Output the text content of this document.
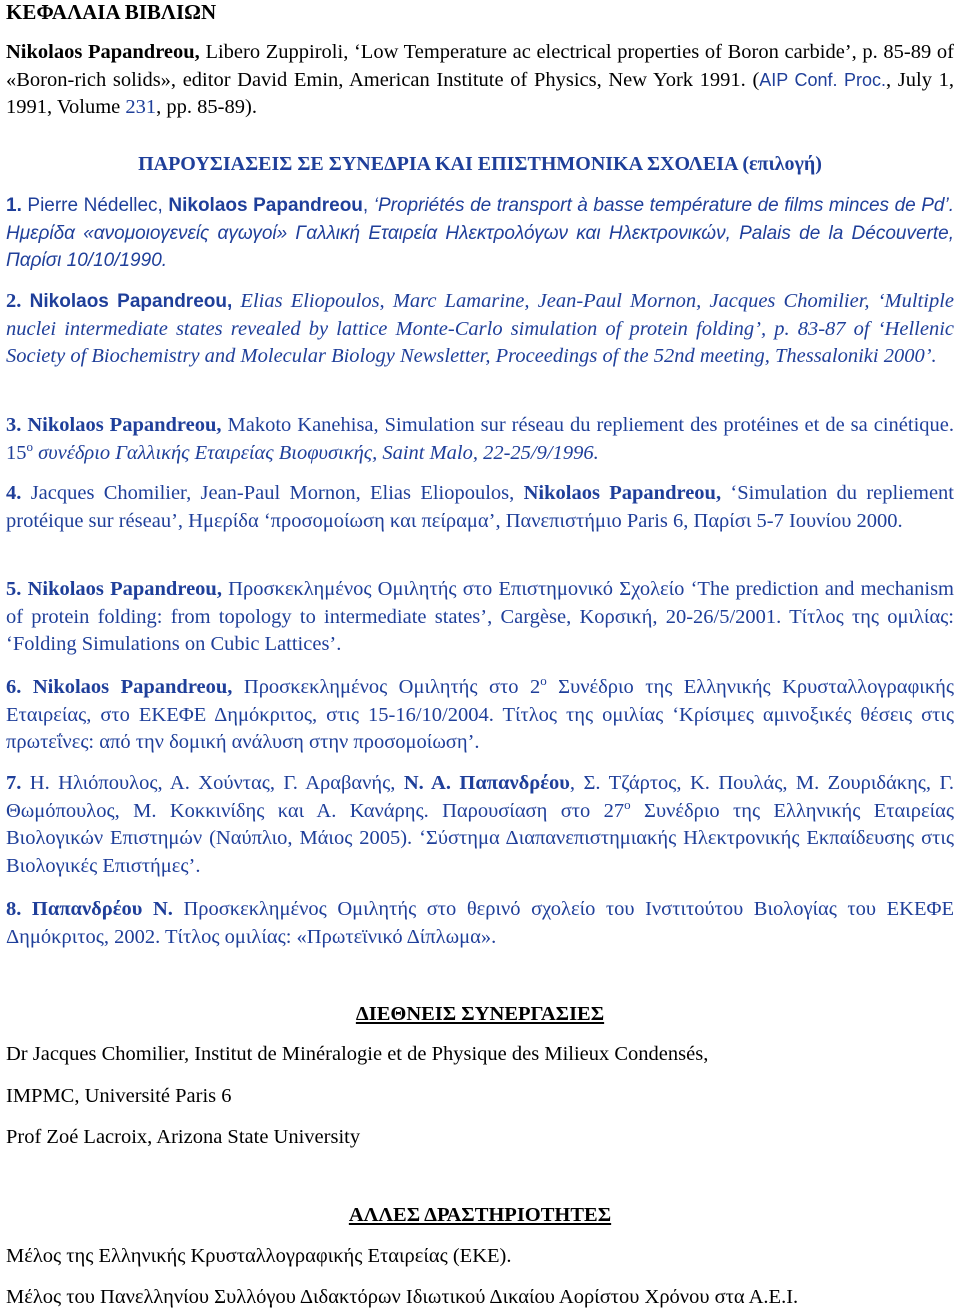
ΚΕΦΑΛΑΙΑ ΒΙΒΛΙΩΝ

Nikolaos Papandreou, Libero Zuppiroli, ‘Low Temperature ac electrical properties of Boron carbide’, p. 85-89 of «Boron-rich solids», editor David Emin, American Institute of Physics, New York 1991. (AIP Conf. Proc., July 1, 1991, Volume 231, pp. 85-89).

ΠΑΡΟΥΣΙΑΣΕΙΣ ΣΕ ΣΥΝΕΔΡΙΑ ΚΑΙ ΕΠΙΣΤΗΜΟΝΙΚΑ ΣΧΟΛΕΙΑ (επιλογή)

1. Pierre Nédellec, Nikolaos Papandreou, ‘Propriétés de transport à basse température de films minces de Pd’. Ημερίδα «ανομοιογενείς αγωγοί» Γαλλική Εταιρεία Ηλεκτρολόγων και Ηλεκτρονικών, Palais de la Découverte, Παρίσι 10/10/1990.

2. Nikolaos Papandreou, Elias Eliopoulos, Marc Lamarine, Jean-Paul Mornon, Jacques Chomilier, ‘Multiple nuclei intermediate states revealed by lattice Monte-Carlo simulation of protein folding’, p. 83-87 of ‘Hellenic Society of Biochemistry and Molecular Biology Newsletter, Proceedings of the 52nd meeting, Thessaloniki 2000’.

3. Nikolaos Papandreou, Makoto Kanehisa, Simulation sur réseau du repliement des protéines et de sa cinétique. 15$^o$ συνέδριο Γαλλικής Εταιρείας Βιοφυσικής, Saint Malo, 22-25/9/1996.

4. Jacques Chomilier, Jean-Paul Mornon, Elias Eliopoulos, Nikolaos Papandreou, ‘Simulation du repliement protéique sur réseau’, Ημερίδα ‘προσομοίωση και πείραμα’, Πανεπιστήμιο Paris 6, Παρίσι 5-7 Ιουνίου 2000.

5. Nikolaos Papandreou, Προσκεκλημένος Ομιλητής στο Επιστημονικό Σχολείο ‘The prediction and mechanism of protein folding: from topology to intermediate states’, Cargèse, Κορσική, 20-26/5/2001. Τίτλος της ομιλίας: ‘Folding Simulations on Cubic Lattices’.

6. Nikolaos Papandreou, Προσκεκλημένος Ομιλητής στο $2^o$ Συνέδριο της Ελληνικής Κρυσταλλογραφικής Εταιρείας, στο ΕΚΕΦΕ Δημόκριτος, στις 15-16/10/2004. Τίτλος της ομιλίας ‘Κρίσιμες αμινοξικές θέσεις στις πρωτεΐνες: από την δομική ανάλυση στην προσομοίωση’.

7. Η. Ηλιόπουλος, Α. Χούντας, Γ. Αραβανής, Ν. Α. Παπανδρέου, Σ. Τζάρτος, Κ. Πουλάς, Μ. Ζουριδάκης, Γ. Θωμόπουλος, Μ. Κοκκινίδης και Α. Κανάρης. Παρουσίαση στο $27^o$ Συνέδριο της Ελληνικής Εταιρείας Βιολογικών Επιστημών (Ναύπλιο, Μάιος 2005). ‘Σύστημα Διαπανεπιστημιακής Ηλεκτρονικής Εκπαίδευσης στις Βιολογικές Επιστήμες’.

8. Παπανδρέου Ν. Προσκεκλημένος Ομιλητής στο θερινό σχολείο του Ινστιτούτου Βιολογίας του ΕΚΕΦΕ Δημόκριτος, 2002. Τίτλος ομιλίας: «Πρωτεϊνικό Δίπλωμα».

ΔΙΕΘΝΕΙΣ ΣΥΝΕΡΓΑΣΙΕΣ

Dr Jacques Chomilier, Institut de Minéralogie et de Physique des Milieux Condensés,

IMPMC, Université Paris 6

Prof Zoé Lacroix, Arizona State University

ΑΛΛΕΣ ΔΡΑΣΤΗΡΙΟΤΗΤΕΣ

Μέλος της Ελληνικής Κρυσταλλογραφικής Εταιρείας (ΕΚΕ).

Μέλος του Πανελληνίου Συλλόγου Διδακτόρων Ιδιωτικού Δικαίου Αορίστου Χρόνου στα Α.Ε.Ι.
